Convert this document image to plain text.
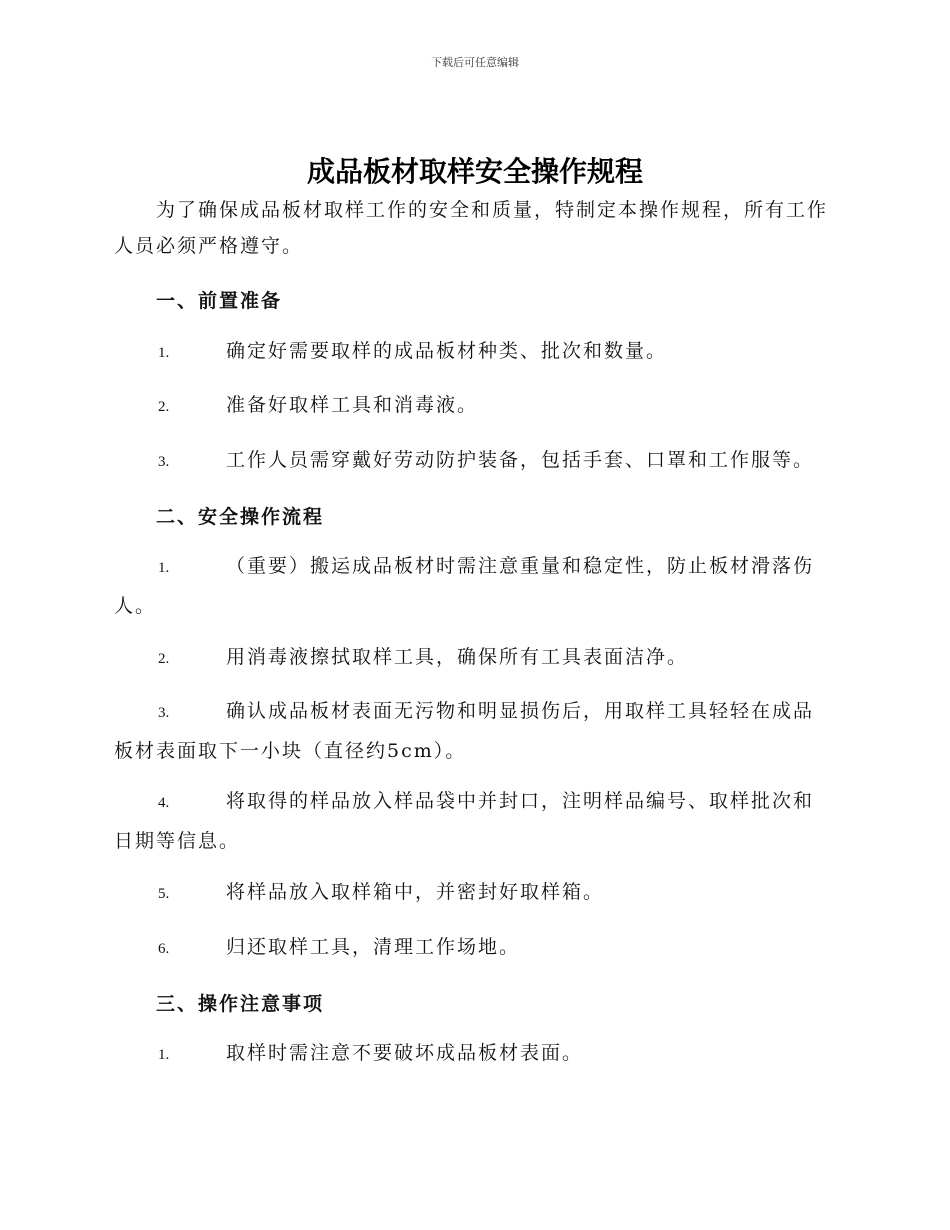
下载后可任意编辑
成品板材取样安全操作规程

为了确保成品板材取样工作的安全和质量，特制定本操作规程，所有工作人员必须严格遵守。

一、前置准备

1.	确定好需要取样的成品板材种类、批次和数量。

2.	准备好取样工具和消毒液。

3.	工作人员需穿戴好劳动防护装备，包括手套、口罩和工作服等。

二、安全操作流程

1.	（重要）搬运成品板材时需注意重量和稳定性，防止板材滑落伤人。

2.	用消毒液擦拭取样工具，确保所有工具表面洁净。

3.	确认成品板材表面无污物和明显损伤后，用取样工具轻轻在成品板材表面取下一小块（直径约5cm）。

4.	将取得的样品放入样品袋中并封口，注明样品编号、取样批次和日期等信息。

5.	将样品放入取样箱中，并密封好取样箱。

6.	归还取样工具，清理工作场地。

三、操作注意事项

1.	取样时需注意不要破坏成品板材表面。
